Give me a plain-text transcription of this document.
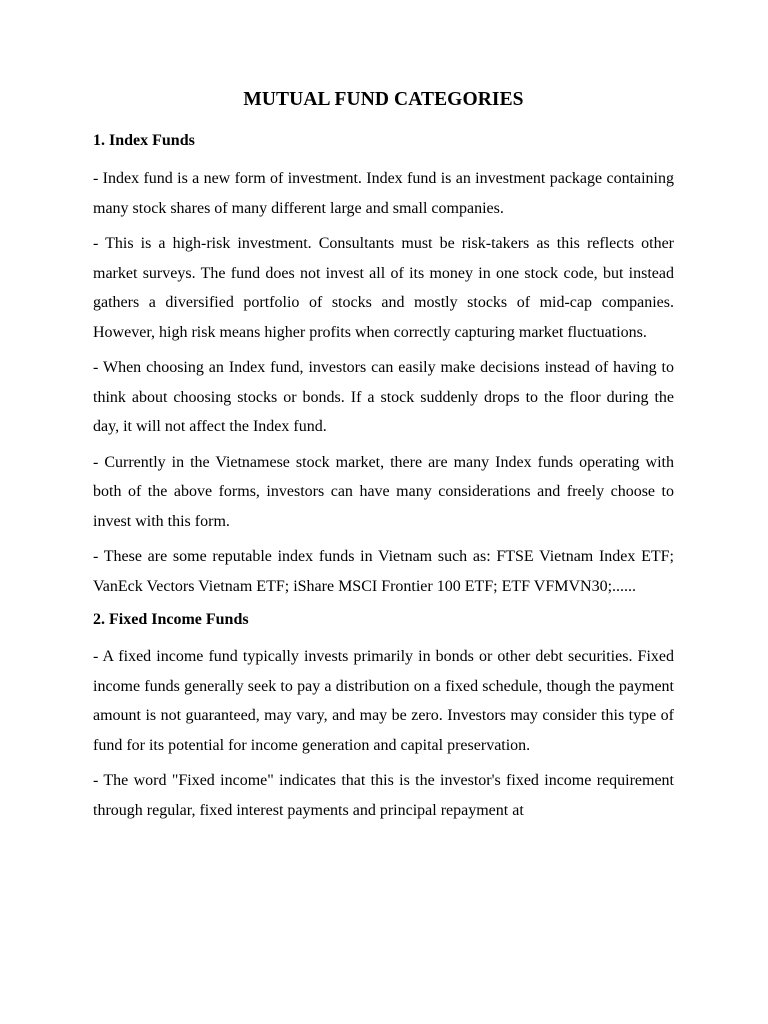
MUTUAL FUND CATEGORIES
1. Index Funds

- Index fund is a new form of investment. Index fund is an investment package containing many stock shares of many different large and small companies.

- This is a high-risk investment. Consultants must be risk-takers as this reflects other market surveys. The fund does not invest all of its money in one stock code, but instead gathers a diversified portfolio of stocks and mostly stocks of mid-cap companies. However, high risk means higher profits when correctly capturing market fluctuations.

- When choosing an Index fund, investors can easily make decisions instead of having to think about choosing stocks or bonds. If a stock suddenly drops to the floor during the day, it will not affect the Index fund.

- Currently in the Vietnamese stock market, there are many Index funds operating with both of the above forms, investors can have many considerations and freely choose to invest with this form.

- These are some reputable index funds in Vietnam such as: FTSE Vietnam Index ETF; VanEck Vectors Vietnam ETF; iShare MSCI Frontier 100 ETF; ETF VFMVN30;......

2. Fixed Income Funds

- A fixed income fund typically invests primarily in bonds or other debt securities. Fixed income funds generally seek to pay a distribution on a fixed schedule, though the payment amount is not guaranteed, may vary, and may be zero. Investors may consider this type of fund for its potential for income generation and capital preservation.

- The word "Fixed income" indicates that this is the investor's fixed income requirement through regular, fixed interest payments and principal repayment at
